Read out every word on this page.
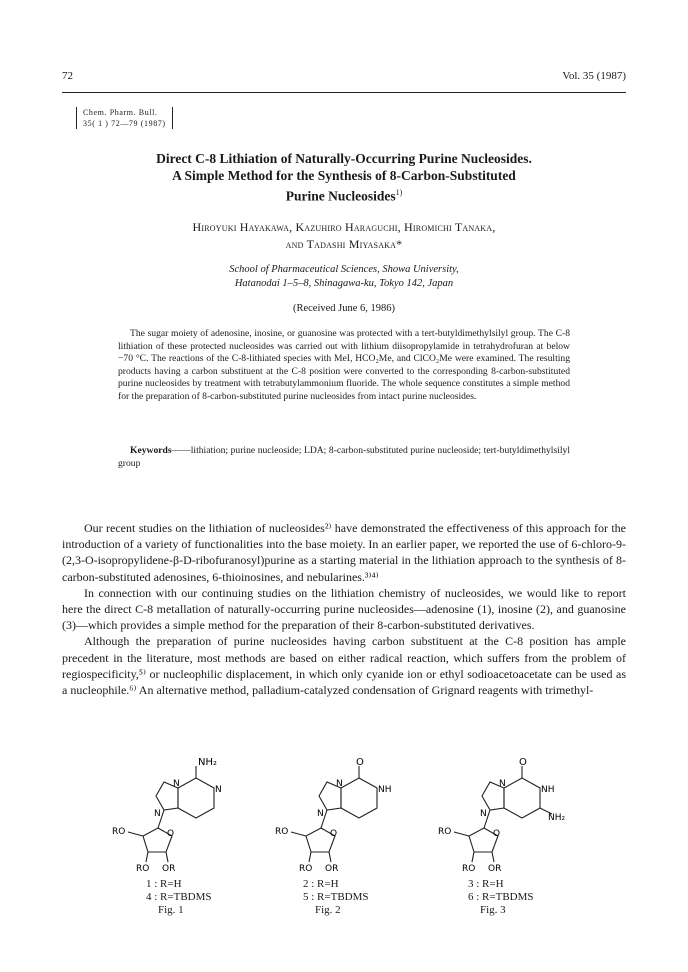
72	Vol. 35 (1987)
Chem. Pharm. Bull.
35( 1 ) 72—79 (1987)
Direct C-8 Lithiation of Naturally-Occurring Purine Nucleosides.
A Simple Method for the Synthesis of 8-Carbon-Substituted
Purine Nucleosides$^{1)}$
Hiroyuki Hayakawa, Kazuhiro Haraguchi, Hiromichi Tanaka,
and Tadashi Miyasaka*
School of Pharmaceutical Sciences, Showa University,
Hatanodai 1–5–8, Shinagawa-ku, Tokyo 142, Japan
(Received June 6, 1986)

The sugar moiety of adenosine, inosine, or guanosine was protected with a tert-butyldimethylsilyl group. The C-8 lithiation of these protected nucleosides was carried out with lithium diisopropylamide in tetrahydrofuran at below −70 °C. The reactions of the C-8-lithiated species with MeI, HCO₂Me, and ClCO₂Me were examined. The resulting products having a carbon substituent at the C-8 position were converted to the corresponding 8-carbon-substituted purine nucleosides by treatment with tetrabutylammonium fluoride. The whole sequence constitutes a simple method for the preparation of 8-carbon-substituted purine nucleosides from intact purine nucleosides.

Keywords——lithiation; purine nucleoside; LDA; 8-carbon-substituted purine nucleoside; tert-butyldimethylsilyl group

Our recent studies on the lithiation of nucleosides²⁾ have demonstrated the effectiveness of this approach for the introduction of a variety of functionalities into the base moiety. In an earlier paper, we reported the use of 6-chloro-9-(2,3-O-isopropylidene-β-D-ribofuranosyl)purine as a starting material in the lithiation approach to the synthesis of 8-carbon-substituted adenosines, 6-thioinosines, and nebularines.³⁾⁴⁾

In connection with our continuing studies on the lithiation chemistry of nucleosides, we would like to report here the direct C-8 metallation of naturally-occurring purine nucleosides—adenosine (1), inosine (2), and guanosine (3)—which provides a simple method for the preparation of their 8-carbon-substituted derivatives.

Although the preparation of purine nucleosides having carbon substituent at the C-8 position has ample precedent in the literature, most methods are based on either radical reaction, which suffers from the problem of regiospecificity,⁵⁾ or nucleophilic displacement, in which only cyanide ion or ethyl sodioacetoacetate can be used as a nucleophile.⁶⁾ An alternative method, palladium-catalyzed condensation of Grignard reagents with trimethyl-

NH₂
N
N
N
O
RO
RO OR
O
NH
N
N
O
RO
RO OR
O
NH
NH₂
N
N
O
RO
RO OR
1 : R=H
4 : R=TBDMS
Fig. 1
2 : R=H
5 : R=TBDMS
Fig. 2
3 : R=H
6 : R=TBDMS
Fig. 3
